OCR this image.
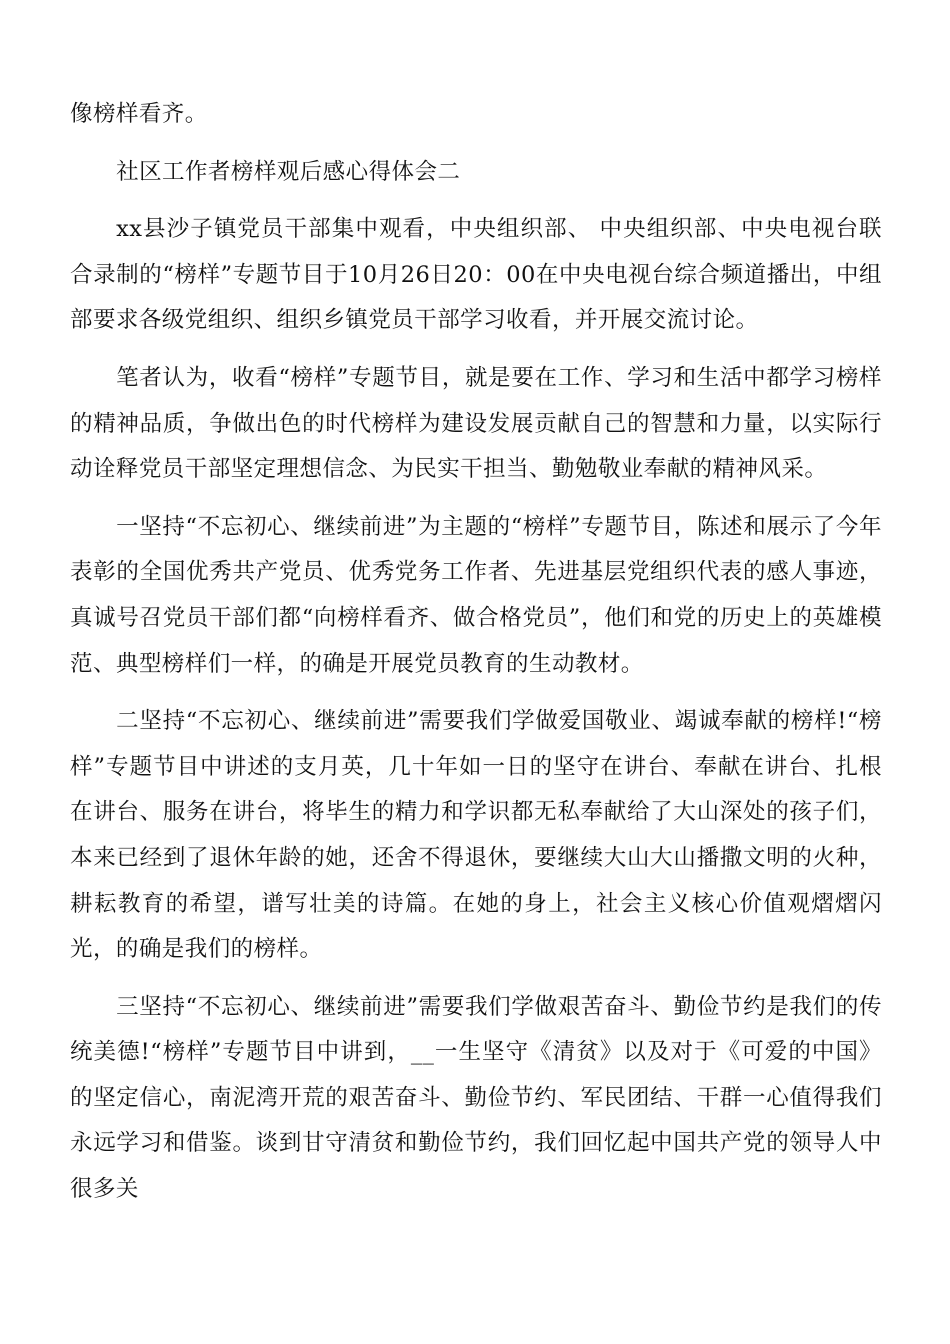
像榜样看齐。

社区工作者榜样观后感心得体会二

xx县沙子镇党员干部集中观看，中央组织部、 中央组织部、中央电视台联合录制的“榜样”专题节目于10月26日20：00在中央电视台综合频道播出，中组部要求各级党组织、组织乡镇党员干部学习收看，并开展交流讨论。

笔者认为，收看“榜样”专题节目，就是要在工作、学习和生活中都学习榜样的精神品质，争做出色的时代榜样为建设发展贡献自己的智慧和力量，以实际行动诠释党员干部坚定理想信念、为民实干担当、勤勉敬业奉献的精神风采。

一坚持“不忘初心、继续前进”为主题的“榜样”专题节目，陈述和展示了今年表彰的全国优秀共产党员、优秀党务工作者、先进基层党组织代表的感人事迹，真诚号召党员干部们都“向榜样看齐、做合格党员”，他们和党的历史上的英雄模范、典型榜样们一样，的确是开展党员教育的生动教材。

二坚持“不忘初心、继续前进”需要我们学做爱国敬业、竭诚奉献的榜样!“榜样”专题节目中讲述的支月英，几十年如一日的坚守在讲台、奉献在讲台、扎根在讲台、服务在讲台，将毕生的精力和学识都无私奉献给了大山深处的孩子们，本来已经到了退休年龄的她，还舍不得退休，要继续大山大山播撒文明的火种，耕耘教育的希望，谱写壮美的诗篇。在她的身上，社会主义核心价值观熠熠闪光，的确是我们的榜样。

三坚持“不忘初心、继续前进”需要我们学做艰苦奋斗、勤俭节约是我们的传统美德!“榜样”专题节目中讲到，__一生坚守《清贫》以及对于《可爱的中国》的坚定信心，南泥湾开荒的艰苦奋斗、勤俭节约、军民团结、干群一心值得我们永远学习和借鉴。谈到甘守清贫和勤俭节约，我们回忆起中国共产党的领导人中很多关
